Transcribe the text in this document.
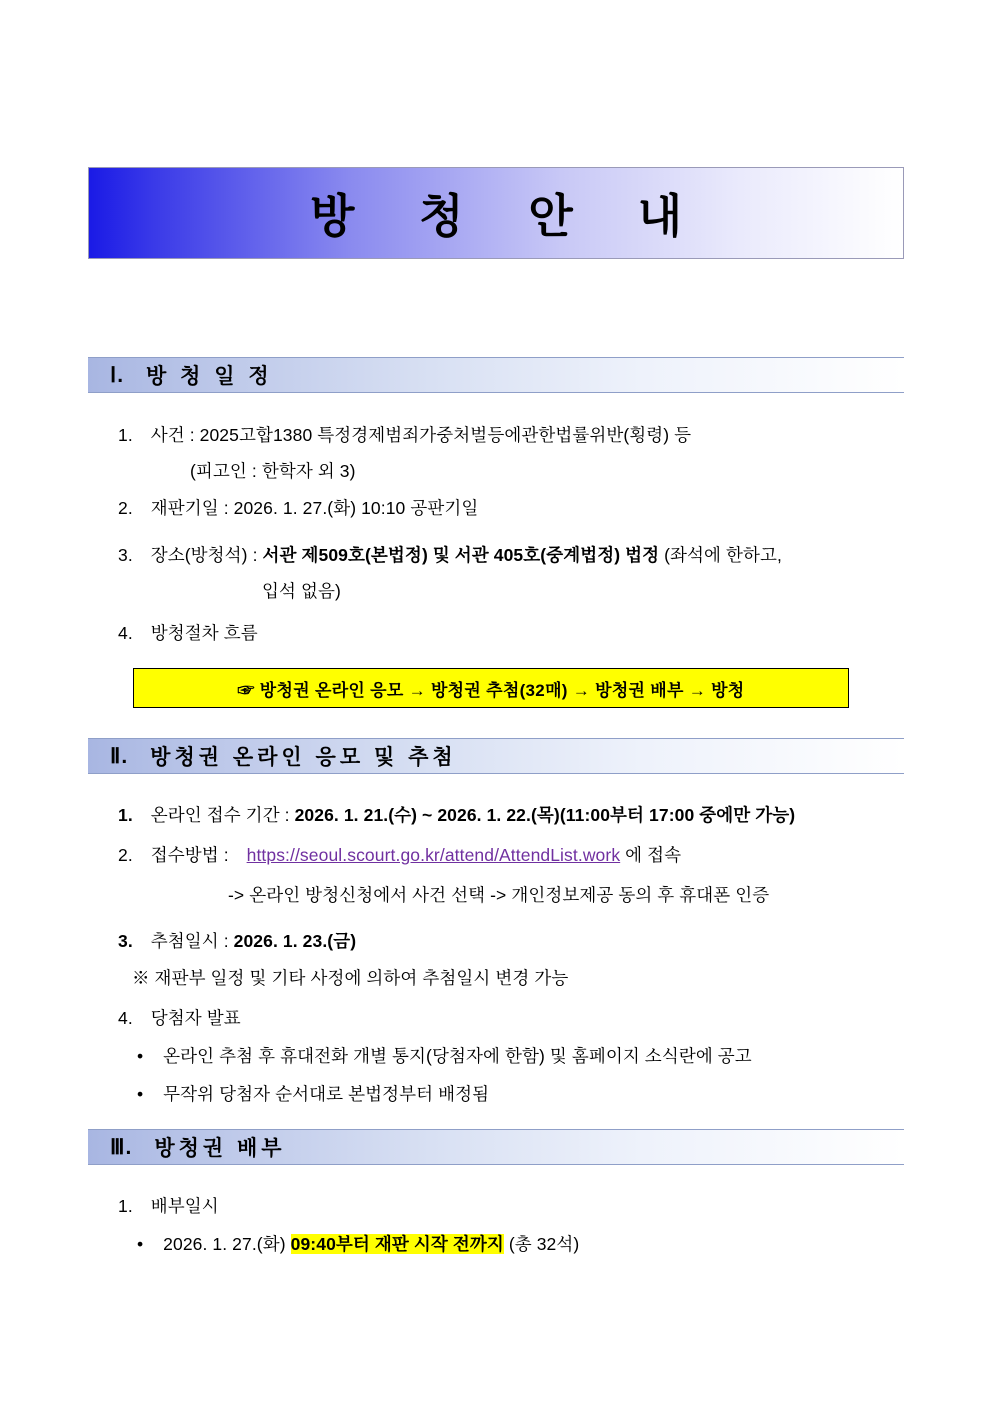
방 청 안 내
Ⅰ. 방 청 일 정
1. 사건 : 2025고합1380 특정경제범죄가중처벌등에관한법률위반(횡령) 등
(피고인 : 한학자 외 3)
2. 재판기일 : 2026. 1. 27.(화) 10:10 공판기일
3. 장소(방청석) : 서관 제509호(본법정) 및 서관 405호(중계법정) 법정 (좌석에 한하고,
입석 없음)
4. 방청절차 흐름
☞ 방청권 온라인 응모 → 방청권 추첨(32매) → 방청권 배부 → 방청
Ⅱ. 방청권 온라인 응모 및 추첨
1. 온라인 접수 기간 : 2026. 1. 21.(수) ~ 2026. 1. 22.(목)(11:00부터 17:00 중에만 가능)
2. 접수방법 :  https://seoul.scourt.go.kr/attend/AttendList.work 에 접속
-> 온라인 방청신청에서 사건 선택 -> 개인정보제공 동의 후 휴대폰 인증
3. 추첨일시 : 2026. 1. 23.(금)
※ 재판부 일정 및 기타 사정에 의하여 추첨일시 변경 가능
4. 당첨자 발표
• 온라인 추첨 후 휴대전화 개별 통지(당첨자에 한함) 및 홈페이지 소식란에 공고
• 무작위 당첨자 순서대로 본법정부터 배정됨
Ⅲ. 방청권 배부
1. 배부일시
• 2026. 1. 27.(화) 09:40부터 재판 시작 전까지 (총 32석)
